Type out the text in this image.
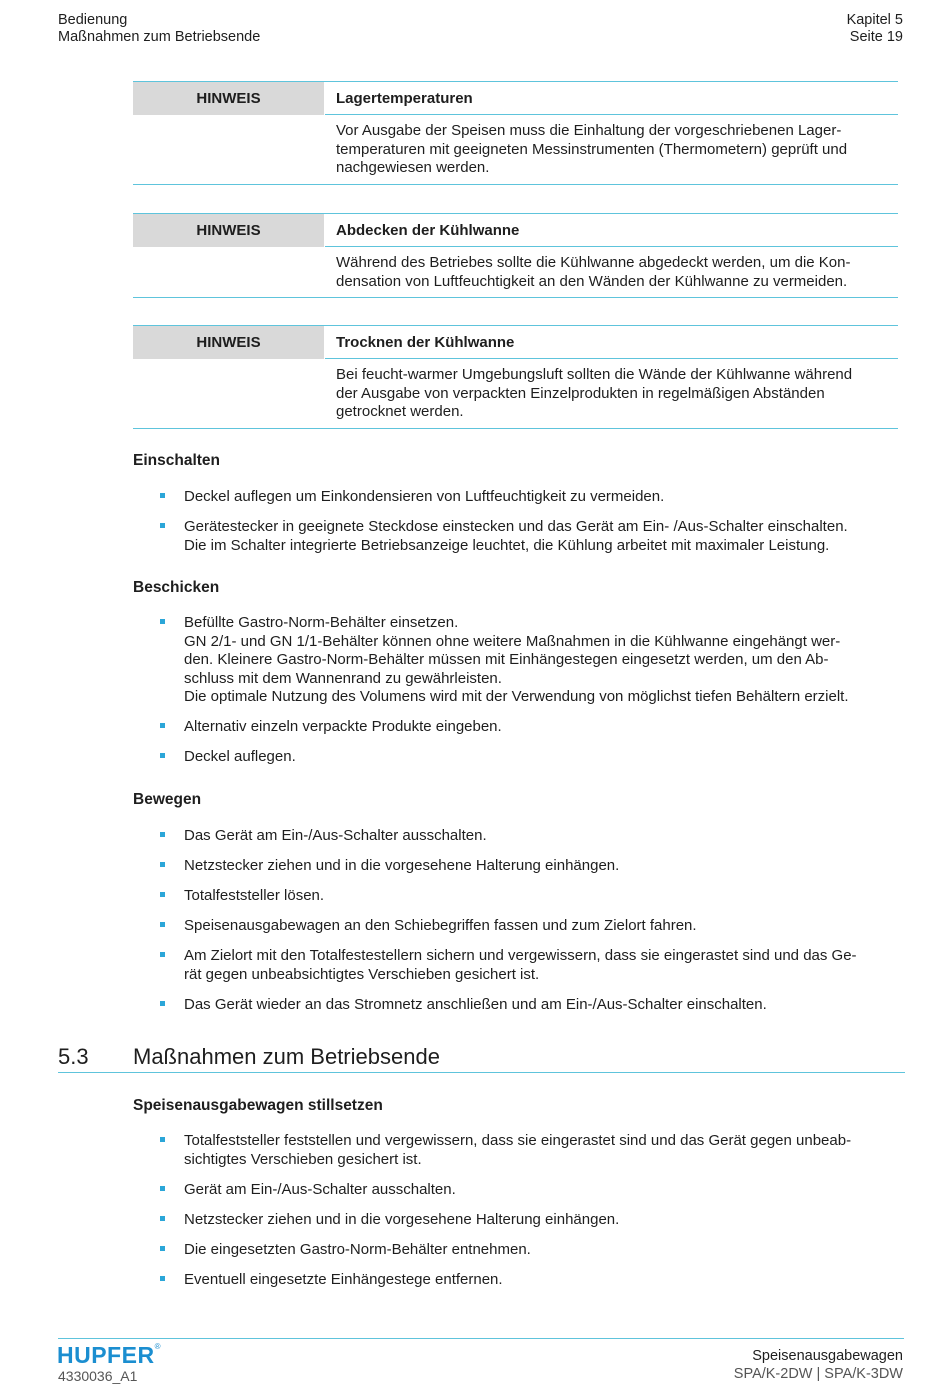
Bedienung
Maßnahmen zum Betriebsende
Kapitel 5
Seite 19
HINWEIS	Lagertemperaturen
Vor Ausgabe der Speisen muss die Einhaltung der vorgeschriebenen Lager-
temperaturen mit geeigneten Messinstrumenten (Thermometern) geprüft und
nachgewiesen werden.
HINWEIS	Abdecken der Kühlwanne
Während des Betriebes sollte die Kühlwanne abgedeckt werden, um die Kon-
densation von Luftfeuchtigkeit an den Wänden der Kühlwanne zu vermeiden.
HINWEIS	Trocknen der Kühlwanne
Bei feucht-warmer Umgebungsluft sollten die Wände der Kühlwanne während
der Ausgabe von verpackten Einzelprodukten in regelmäßigen Abständen
getrocknet werden.
Einschalten
Deckel auflegen um Einkondensieren von Luftfeuchtigkeit zu vermeiden.
Gerätestecker in geeignete Steckdose einstecken und das Gerät am Ein- /Aus-Schalter einschalten.
Die im Schalter integrierte Betriebsanzeige leuchtet, die Kühlung arbeitet mit maximaler Leistung.
Beschicken
Befüllte Gastro-Norm-Behälter einsetzen.
GN 2/1- und GN 1/1-Behälter können ohne weitere Maßnahmen in die Kühlwanne eingehängt wer-
den. Kleinere Gastro-Norm-Behälter müssen mit Einhängestegen eingesetzt werden, um den Ab-
schluss mit dem Wannenrand zu gewährleisten.
Die optimale Nutzung des Volumens wird mit der Verwendung von möglichst tiefen Behältern erzielt.
Alternativ einzeln verpackte Produkte eingeben.
Deckel auflegen.
Bewegen
Das Gerät am Ein-/Aus-Schalter ausschalten.
Netzstecker ziehen und in die vorgesehene Halterung einhängen.
Totalfeststeller lösen.
Speisenausgabewagen an den Schiebegriffen fassen und zum Zielort fahren.
Am Zielort mit den Totalfestestellern sichern und vergewissern, dass sie eingerastet sind und das Ge-
rät gegen unbeabsichtigtes Verschieben gesichert ist.
Das Gerät wieder an das Stromnetz anschließen und am Ein-/Aus-Schalter einschalten.
5.3 Maßnahmen zum Betriebsende
Speisenausgabewagen stillsetzen
Totalfeststeller feststellen und vergewissern, dass sie eingerastet sind und das Gerät gegen unbeab-
sichtigtes Verschieben gesichert ist.
Gerät am Ein-/Aus-Schalter ausschalten.
Netzstecker ziehen und in die vorgesehene Halterung einhängen.
Die eingesetzten Gastro-Norm-Behälter entnehmen.
Eventuell eingesetzte Einhängestege entfernen.
HUPFER®
4330036_A1
Speisenausgabewagen
SPA/K-2DW | SPA/K-3DW
